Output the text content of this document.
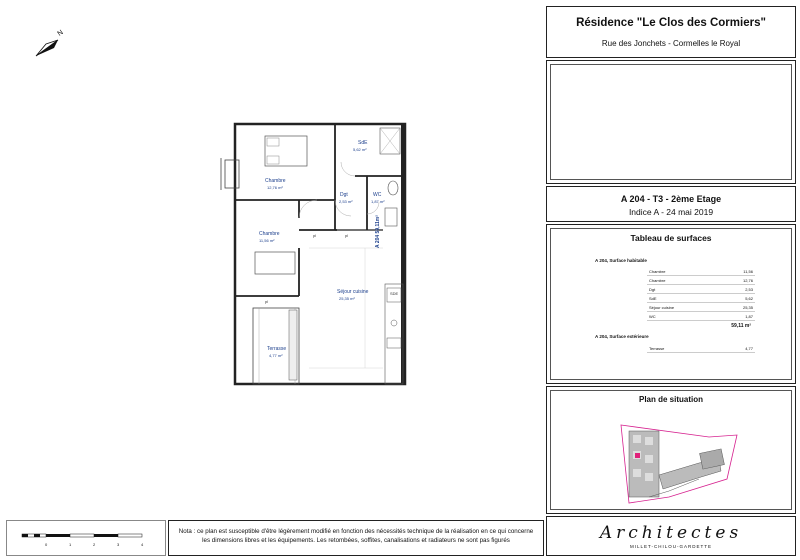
N
Chambre
12,76 m²
Chambre
11,56 m²
SdE
5,62 m²
Dgt
2,53 m²
WC
1,87 m²
Séjour cuisine
25,35 m²
Terrasse
4,77 m²
pl	pl
pl
SDE
A 204 59,11m²
Résidence "Le Clos des Cormiers"
Rue des Jonchets - Cormelles le Royal
A 204 - T3 - 2ème Etage
Indice A - 24 mai 2019
Tableau de surfaces
A 204, Surface habitable
Chambre	11,56
Chambre	12,76
Dgt	2,53
SdE	5,62
Séjour cuisine	25,35
WC	1,87
59,11 m²
A 204, Surface extérieure
Terrasse	4,77
Plan de situation
0	1	2	3	4
Nota : ce plan est susceptible d'être légèrement modifié en fonction des nécessités technique de la réalisation en ce qui concerne les dimensions libres et les équipements. Les retombées, soffites, canalisations et radiateurs ne sont pas figurés	Architectes
MILLET-CHILOU-GARDETTE
